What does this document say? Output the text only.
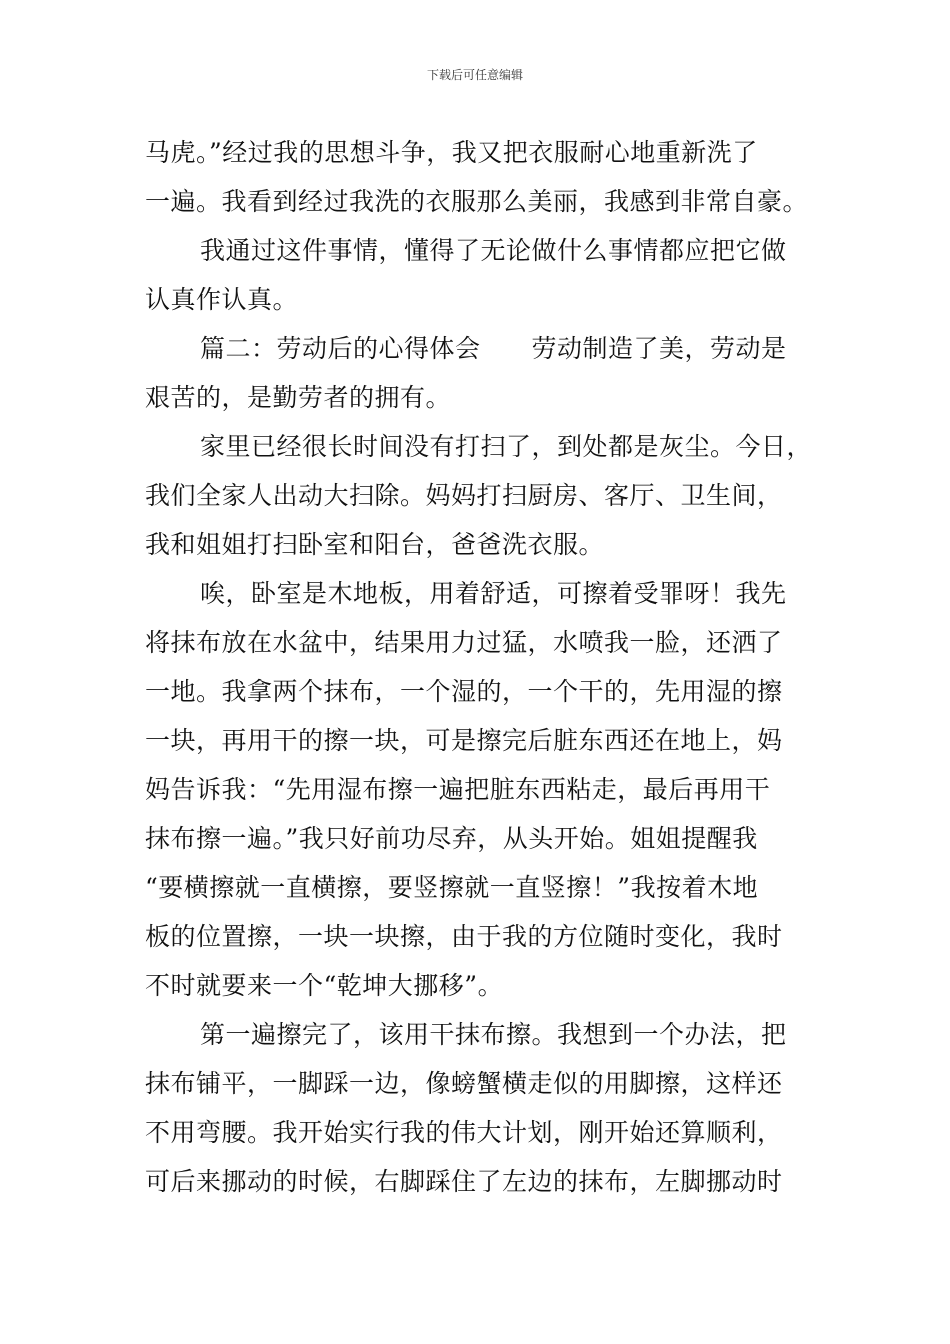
下载后可任意编辑
马虎。”经过我的思想斗争，我又把衣服耐心地重新洗了
一遍。我看到经过我洗的衣服那么美丽，我感到非常自豪。
我通过这件事情，懂得了无论做什么事情都应把它做
认真作认真。
篇二：劳动后的心得体会　　劳动制造了美，劳动是
艰苦的，是勤劳者的拥有。
家里已经很长时间没有打扫了，到处都是灰尘。今日，
我们全家人出动大扫除。妈妈打扫厨房、客厅、卫生间，
我和姐姐打扫卧室和阳台，爸爸洗衣服。
唉，卧室是木地板，用着舒适，可擦着受罪呀！我先
将抹布放在水盆中，结果用力过猛，水喷我一脸，还洒了
一地。我拿两个抹布，一个湿的，一个干的，先用湿的擦
一块，再用干的擦一块，可是擦完后脏东西还在地上，妈
妈告诉我：“先用湿布擦一遍把脏东西粘走，最后再用干
抹布擦一遍。”我只好前功尽弃，从头开始。姐姐提醒我
“要横擦就一直横擦，要竖擦就一直竖擦！”我按着木地
板的位置擦，一块一块擦，由于我的方位随时变化，我时
不时就要来一个“乾坤大挪移”。
第一遍擦完了，该用干抹布擦。我想到一个办法，把
抹布铺平，一脚踩一边，像螃蟹横走似的用脚擦，这样还
不用弯腰。我开始实行我的伟大计划，刚开始还算顺利，
可后来挪动的时候，右脚踩住了左边的抹布，左脚挪动时
